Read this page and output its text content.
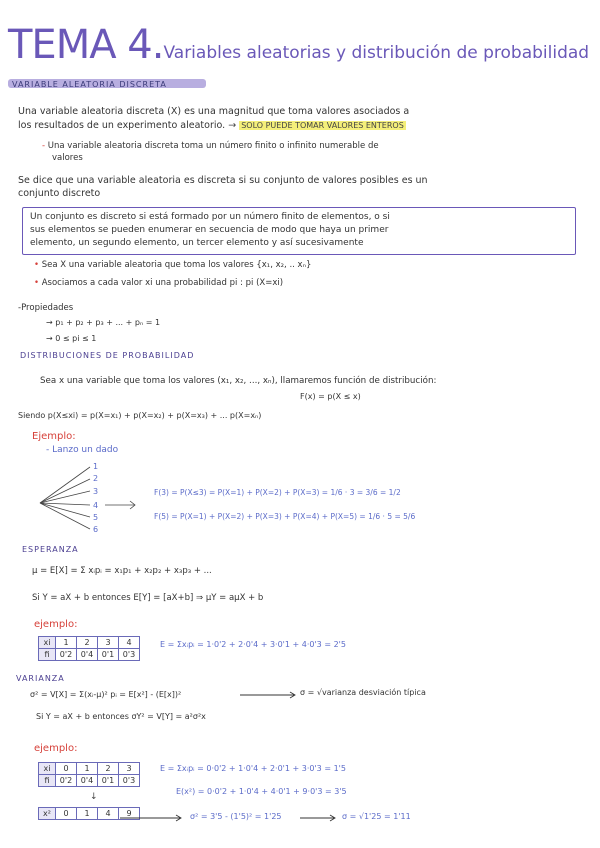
TEMA 4.Variables aleatorias y distribución de probabilidad
VARIABLE ALEATORIA DISCRETA
Una variable aleatoria discreta (X) es una magnitud que toma valores asociados a
los resultados de un experimento aleatorio. → SOLO PUEDE TOMAR VALORES ENTEROS
- Una variable aleatoria discreta toma un número finito o infinito numerable de
valores
Se dice que una variable aleatoria es discreta si su conjunto de valores posibles es un
conjunto discreto
Un conjunto es discreto si está formado por un número finito de elementos, o si
sus elementos se pueden enumerar en secuencia de modo que haya un primer
elemento, un segundo elemento, un tercer elemento y así sucesivamente
• Sea X una variable aleatoria que toma los valores {x₁, x₂, .. xₙ}
• Asociamos a cada valor xi una probabilidad pi : pi (X=xi)
-Propiedades
→ p₁ + p₂ + p₃ + ... + pₙ = 1
→ 0 ≤ pi ≤ 1
DISTRIBUCIONES DE PROBABILIDAD
Sea x una variable que toma los valores (x₁, x₂, ..., xₙ), llamaremos función de distribución:
F(x) = p(X ≤ x)
Siendo p(X≤xi) = p(X=x₁) + p(X=x₂) + p(X=x₃) + ... p(X=xₙ)
Ejemplo:
- Lanzo un dado
1
2
3
4
5
6
F(3) = P(X≤3) = P(X=1) + P(X=2) + P(X=3) = 1/6 · 3 = 3/6 = 1/2
F(5) = P(X=1) + P(X=2) + P(X=3) + P(X=4) + P(X=5) = 1/6 · 5 = 5/6
ESPERANZA
μ = E[X] = Σ xᵢpᵢ = x₁p₁ + x₂p₂ + x₃p₃ + ...
Si Y = aX + b entonces E[Y] = [aX+b] ⇒ μY = aμX + b
ejemplo:
xi	1	2	3	4
fi	0'2	0'4	0'1	0'3
E = Σxᵢpᵢ = 1·0'2 + 2·0'4 + 3·0'1 + 4·0'3 = 2'5
VARIANZA
σ² = V[X] = Σ(xᵢ-μ)² pᵢ = E[x²] - (E[x])²	σ = √varianza desviación típica
Si Y = aX + b entonces σY² = V[Y] = a²σ²x
ejemplo:
xi	0	1	2	3
fi	0'2	0'4	0'1	0'3
↓
x²	0	1	4	9
E = Σxᵢpᵢ = 0·0'2 + 1·0'4 + 2·0'1 + 3·0'3 = 1'5
E(x²) = 0·0'2 + 1·0'4 + 4·0'1 + 9·0'3 = 3'5
σ² = 3'5 - (1'5)² = 1'25	σ = √1'25 = 1'11
